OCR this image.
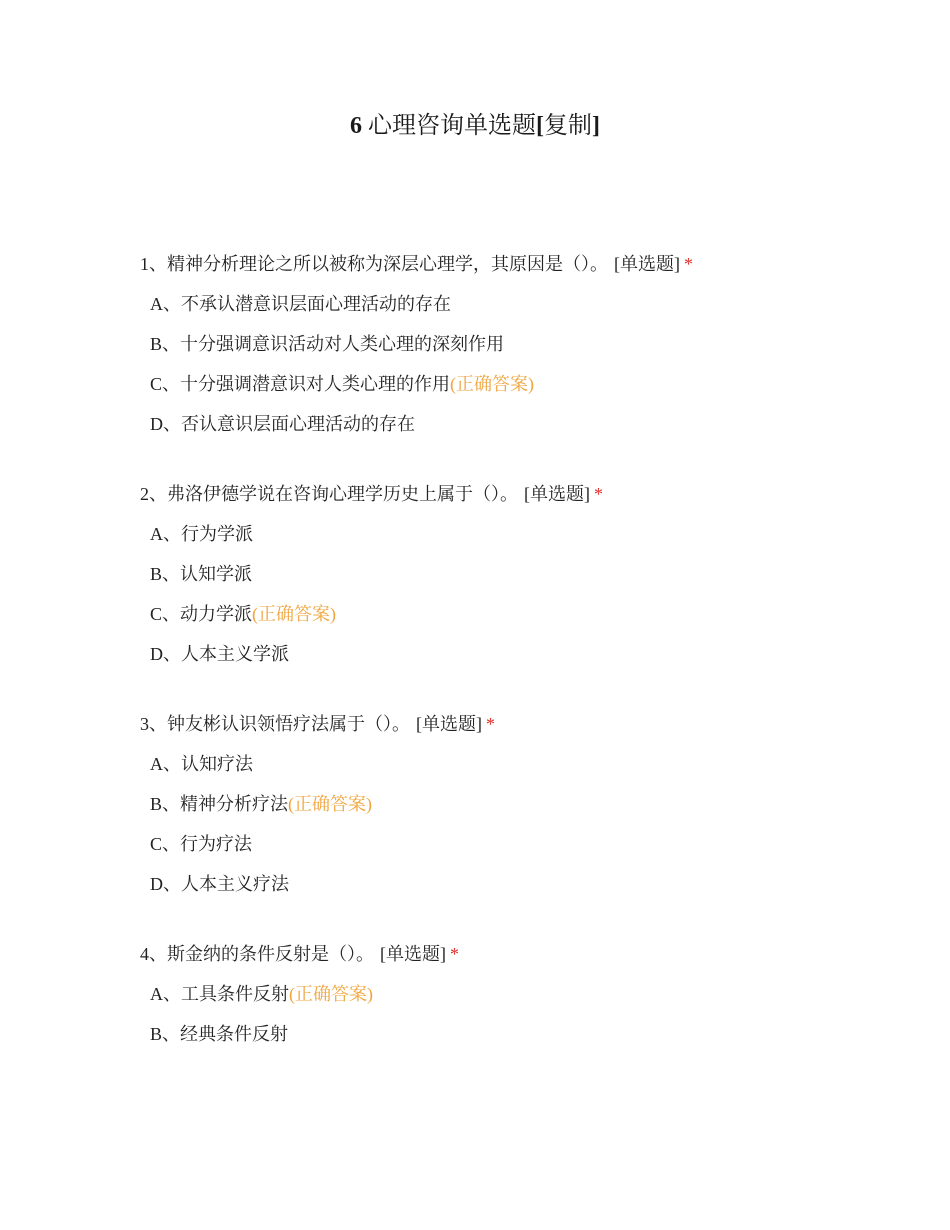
6 心理咨询单选题[复制]
1、精神分析理论之所以被称为深层心理学，其原因是（）。 [单选题] *
A、不承认潜意识层面心理活动的存在
B、十分强调意识活动对人类心理的深刻作用
C、十分强调潜意识对人类心理的作用(正确答案)
D、否认意识层面心理活动的存在
2、弗洛伊德学说在咨询心理学历史上属于（）。 [单选题] *
A、行为学派
B、认知学派
C、动力学派(正确答案)
D、人本主义学派
3、钟友彬认识领悟疗法属于（）。 [单选题] *
A、认知疗法
B、精神分析疗法(正确答案)
C、行为疗法
D、人本主义疗法
4、斯金纳的条件反射是（）。 [单选题] *
A、工具条件反射(正确答案)
B、经典条件反射
